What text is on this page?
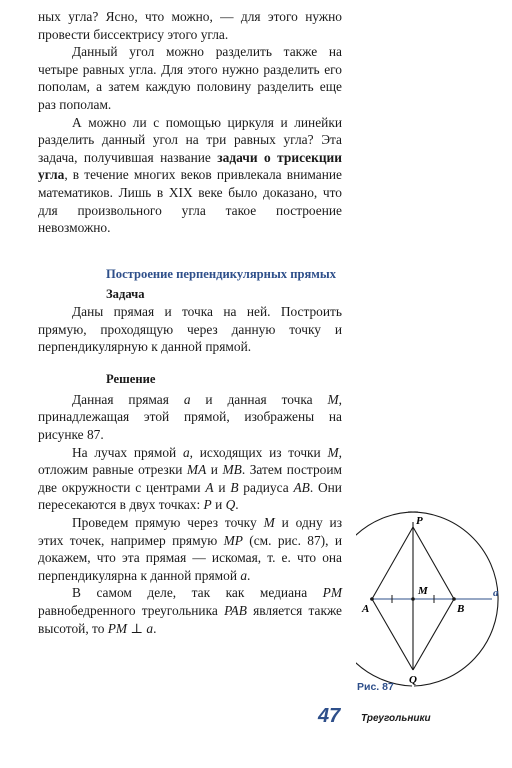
ных угла? Ясно, что можно, — для этого нужно провести биссектрису этого угла.

Данный угол можно разделить также на четыре равных угла. Для этого нужно разделить его пополам, а затем каждую половину разделить еще раз пополам.

А можно ли с помощью циркуля и линейки разделить данный угол на три равных угла? Эта задача, получившая название задачи о трисекции угла, в течение многих веков привлекала внимание математиков. Лишь в XIX веке было доказано, что для произвольного угла такое построение невозможно.

Построение перпендикулярных прямых

Задача

Даны прямая и точка на ней. Построить прямую, проходящую через данную точку и перпендикулярную к данной прямой.

Решение

Данная прямая a и данная точка M, принадлежащая этой прямой, изображены на рисунке 87.

На лучах прямой a, исходящих из точки M, отложим равные отрезки MA и MB. Затем построим две окружности с центрами A и B радиуса AB. Они пересекаются в двух точках: P и Q.

Проведем прямую через точку M и одну из этих точек, например прямую MP (см. рис. 87), и докажем, что эта прямая — искомая, т. е. что она перпендикулярна к данной прямой a.

В самом деле, так как медиана PM равнобедренного треугольника PAB является также высотой, то PM ⊥ a.

P
M
A	B
Q
a
Рис. 87
47 Треугольники
